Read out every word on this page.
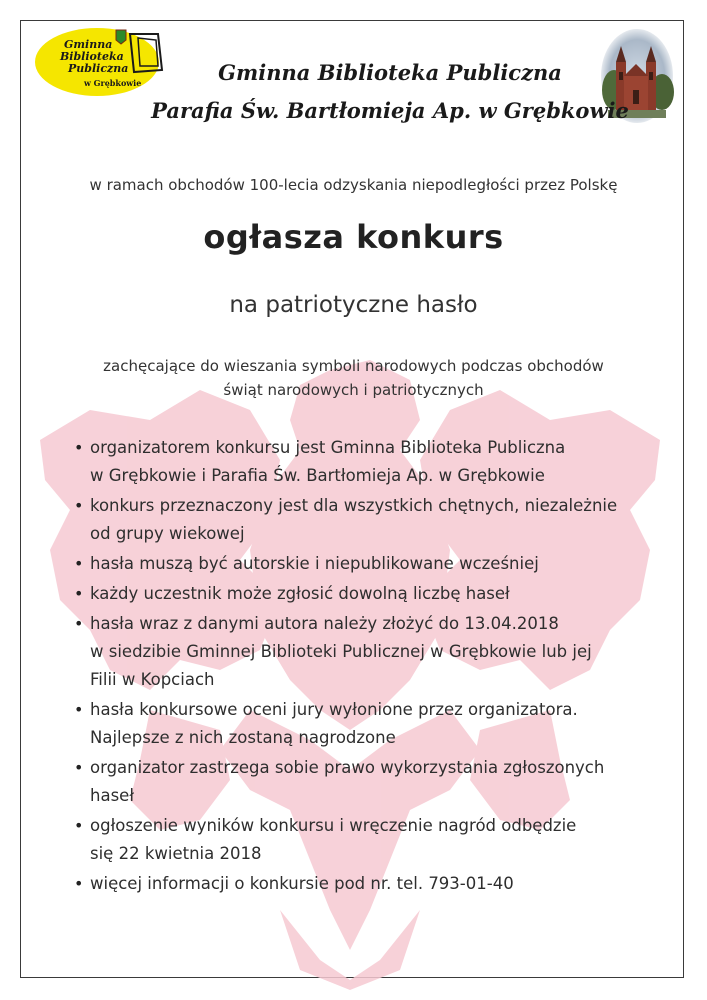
Gminna
Biblioteka
Publiczna
w Grębkowie	Gminna Biblioteka Publiczna
Parafia Św. Bartłomieja Ap. w Grębkowie
w ramach obchodów 100-lecia odzyskania niepodległości przez Polskę
ogłasza konkurs
na patriotyczne hasło
zachęcające do wieszania symboli narodowych podczas obchodów
świąt narodowych i patriotycznych
• organizatorem konkursu jest Gminna Biblioteka Publiczna
w Grębkowie i Parafia Św. Bartłomieja Ap. w Grębkowie
• konkurs przeznaczony jest dla wszystkich chętnych, niezależnie
od grupy wiekowej
• hasła muszą być autorskie i niepublikowane wcześniej
• każdy uczestnik może zgłosić dowolną liczbę haseł
• hasła wraz z danymi autora należy złożyć do 13.04.2018
w siedzibie Gminnej Biblioteki Publicznej w Grębkowie lub jej
Filii w Kopciach
• hasła konkursowe oceni jury wyłonione przez organizatora.
Najlepsze z nich zostaną nagrodzone
• organizator zastrzega sobie prawo wykorzystania zgłoszonych
haseł
• ogłoszenie wyników konkursu i wręczenie nagród odbędzie
się 22 kwietnia 2018
• więcej informacji o konkursie pod nr. tel. 793-01-40
